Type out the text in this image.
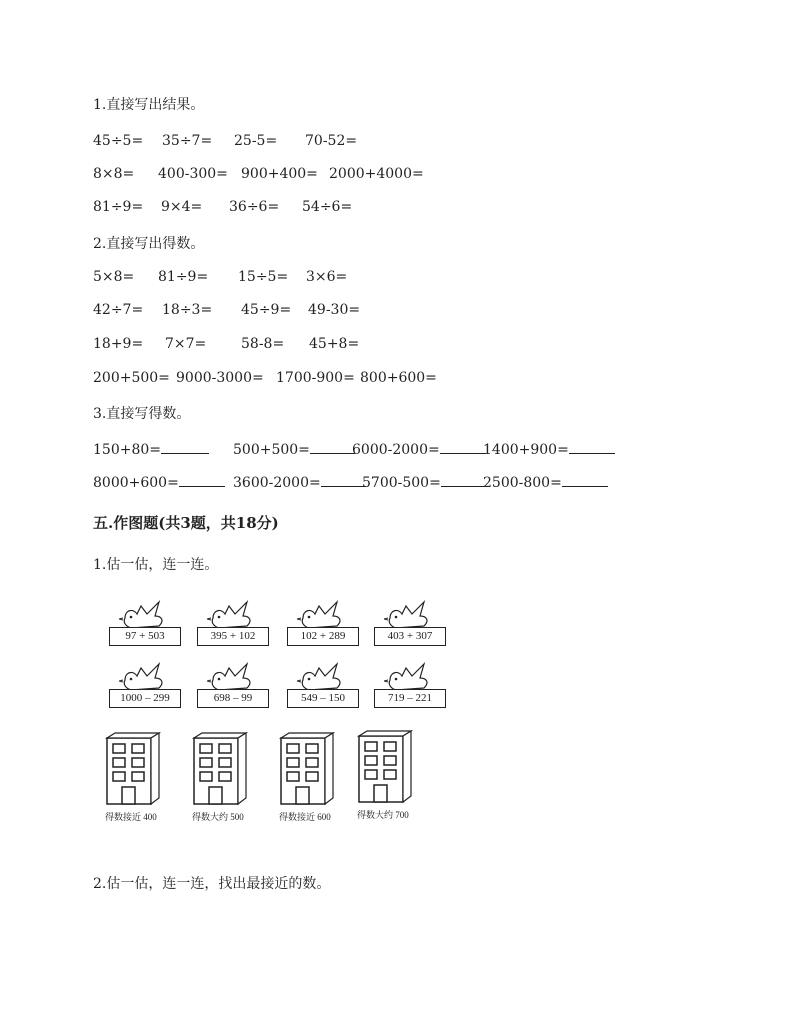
1.直接写出结果。
45÷5= 35÷7= 25-5= 70-52=
8×8= 400-300= 900+400= 2000+4000=
81÷9= 9×4= 36÷6= 54÷6=
2.直接写出得数。
5×8= 81÷9= 15÷5= 3×6=
42÷7= 18÷3= 45÷9= 49-30=
18+9= 7×7= 58-8= 45+8=
200+500= 9000-3000= 1700-900= 800+600=
3.直接写得数。
150+80=	500+500=	6000-2000=	1400+900=
8000+600=	3600-2000=	5700-500=	2500-800=
五.作图题(共3题，共18分)
1.估一估，连一连。
97 + 503	395 + 102	102 + 289	403 + 307
1000 – 299	698 – 99	549 – 150	719 – 221
得数接近 400	得数大约 500	得数接近 600	得数大约 700
2.估一估，连一连，找出最接近的数。
